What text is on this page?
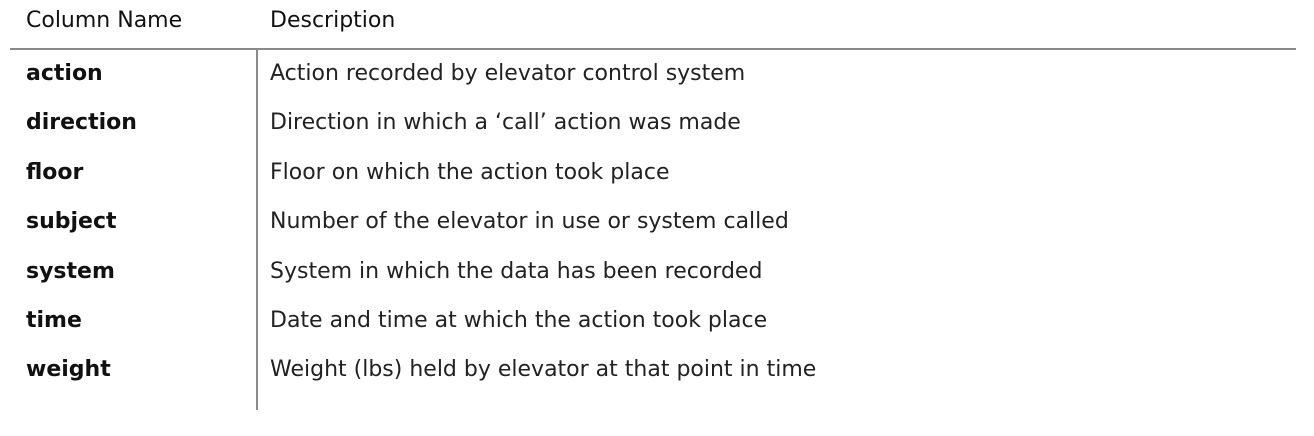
Column Name	Description
action	Action recorded by elevator control system
direction	Direction in which a ‘call’ action was made
floor	Floor on which the action took place
subject	Number of the elevator in use or system called
system	System in which the data has been recorded
time	Date and time at which the action took place
weight	Weight (lbs) held by elevator at that point in time
